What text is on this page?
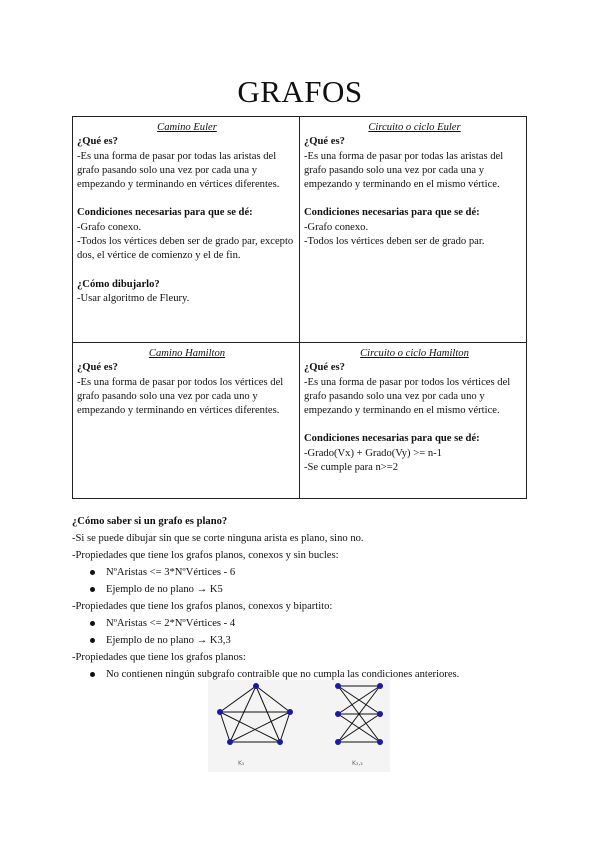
GRAFOS
Camino Euler
¿Qué es?
-Es una forma de pasar por todas las aristas del grafo pasando solo una vez por cada una y empezando y terminando en vértices diferentes.
Condiciones necesarias para que se dé:
-Grafo conexo.
-Todos los vértices deben ser de grado par, excepto dos, el vértice de comienzo y el de fin.
¿Cómo dibujarlo?
-Usar algoritmo de Fleury.
Circuito o ciclo Euler
¿Qué es?
-Es una forma de pasar por todas las aristas del grafo pasando solo una vez por cada una y empezando y terminando en el mismo vértice.
Condiciones necesarias para que se dé:
-Grafo conexo.
-Todos los vértices deben ser de grado par.
Camino Hamilton
¿Qué es?
-Es una forma de pasar por todos los vértices del grafo pasando solo una vez por cada uno y empezando y terminando en vértices diferentes.
Circuito o ciclo Hamilton
¿Qué es?
-Es una forma de pasar por todos los vértices del grafo pasando solo una vez por cada uno y empezando y terminando en el mismo vértice.
Condiciones necesarias para que se dé:
-Grado(Vx) + Grado(Vy) >= n-1
-Se cumple para n>=2
¿Cómo saber si un grafo es plano?
-Si se puede dibujar sin que se corte ninguna arista es plano, sino no.
-Propiedades que tiene los grafos planos, conexos y sin bucles:
NºAristas <= 3*NºVértices - 6
Ejemplo de no plano → K5
-Propiedades que tiene los grafos planos, conexos y bipartito:
NºAristas <= 2*NºVértices - 4
Ejemplo de no plano → K3,3
-Propiedades que tiene los grafos planos:
No contienen ningún subgrafo contraible que no cumpla las condiciones anteriores.
K₅	K₃,₃
